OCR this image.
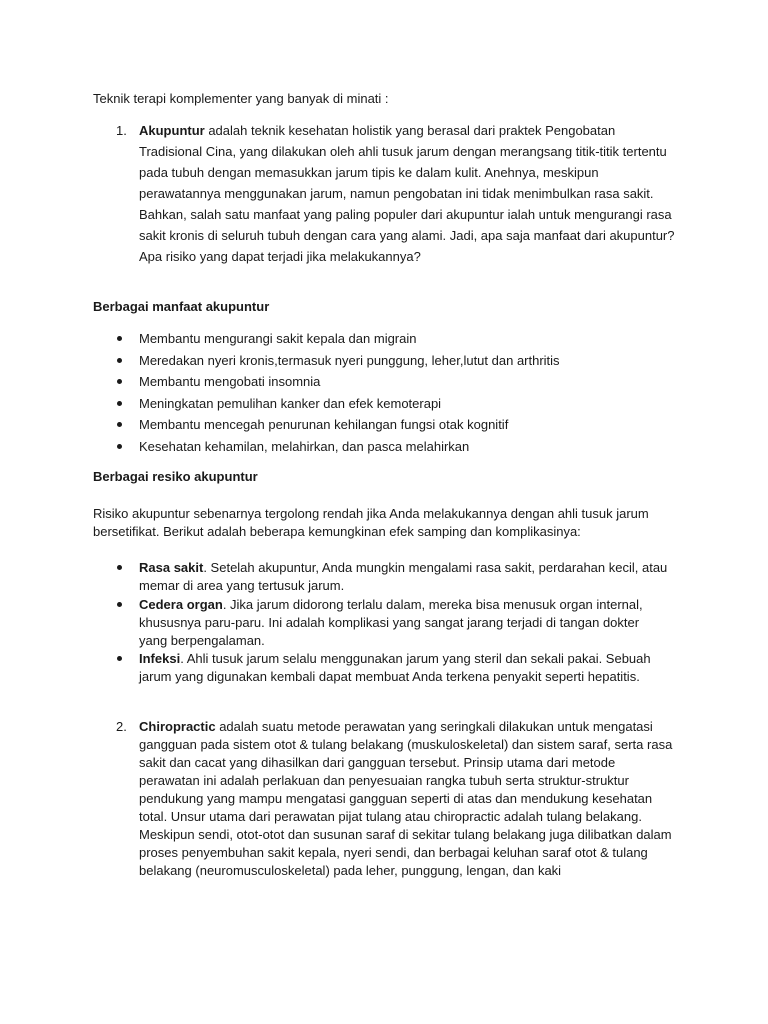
Teknik terapi komplementer yang banyak di minati :

1. Akupuntur adalah teknik kesehatan holistik yang berasal dari praktek Pengobatan Tradisional Cina, yang dilakukan oleh ahli tusuk jarum dengan merangsang titik-titik tertentu pada tubuh dengan memasukkan jarum tipis ke dalam kulit. Anehnya, meskipun perawatannya menggunakan jarum, namun pengobatan ini tidak menimbulkan rasa sakit. Bahkan, salah satu manfaat yang paling populer dari akupuntur ialah untuk mengurangi rasa sakit kronis di seluruh tubuh dengan cara yang alami. Jadi, apa saja manfaat dari akupuntur? Apa risiko yang dapat terjadi jika melakukannya?

Berbagai manfaat akupuntur

Membantu mengurangi sakit kepala dan migrain
Meredakan nyeri kronis,termasuk nyeri punggung, leher,lutut dan arthritis
Membantu mengobati insomnia
Meningkatan pemulihan kanker dan efek kemoterapi
Membantu mencegah penurunan kehilangan fungsi otak kognitif
Kesehatan kehamilan, melahirkan, dan pasca melahirkan

Berbagai resiko akupuntur

Risiko akupuntur sebenarnya tergolong rendah jika Anda melakukannya dengan ahli tusuk jarum bersetifikat. Berikut adalah beberapa kemungkinan efek samping dan komplikasinya:

Rasa sakit. Setelah akupuntur, Anda mungkin mengalami rasa sakit, perdarahan kecil, atau memar di area yang tertusuk jarum.

Cedera organ. Jika jarum didorong terlalu dalam, mereka bisa menusuk organ internal, khususnya paru-paru. Ini adalah komplikasi yang sangat jarang terjadi di tangan dokter yang berpengalaman.

Infeksi. Ahli tusuk jarum selalu menggunakan jarum yang steril dan sekali pakai. Sebuah jarum yang digunakan kembali dapat membuat Anda terkena penyakit seperti hepatitis.

2. Chiropractic adalah suatu metode perawatan yang seringkali dilakukan untuk mengatasi gangguan pada sistem otot & tulang belakang (muskuloskeletal) dan sistem saraf, serta rasa sakit dan cacat yang dihasilkan dari gangguan tersebut. Prinsip utama dari metode perawatan ini adalah perlakuan dan penyesuaian rangka tubuh serta struktur-struktur pendukung yang mampu mengatasi gangguan seperti di atas dan mendukung kesehatan total. Unsur utama dari perawatan pijat tulang atau chiropractic adalah tulang belakang. Meskipun sendi, otot-otot dan susunan saraf di sekitar tulang belakang juga dilibatkan dalam proses penyembuhan sakit kepala, nyeri sendi, dan berbagai keluhan saraf otot & tulang belakang (neuromusculoskeletal) pada leher, punggung, lengan, dan kaki
